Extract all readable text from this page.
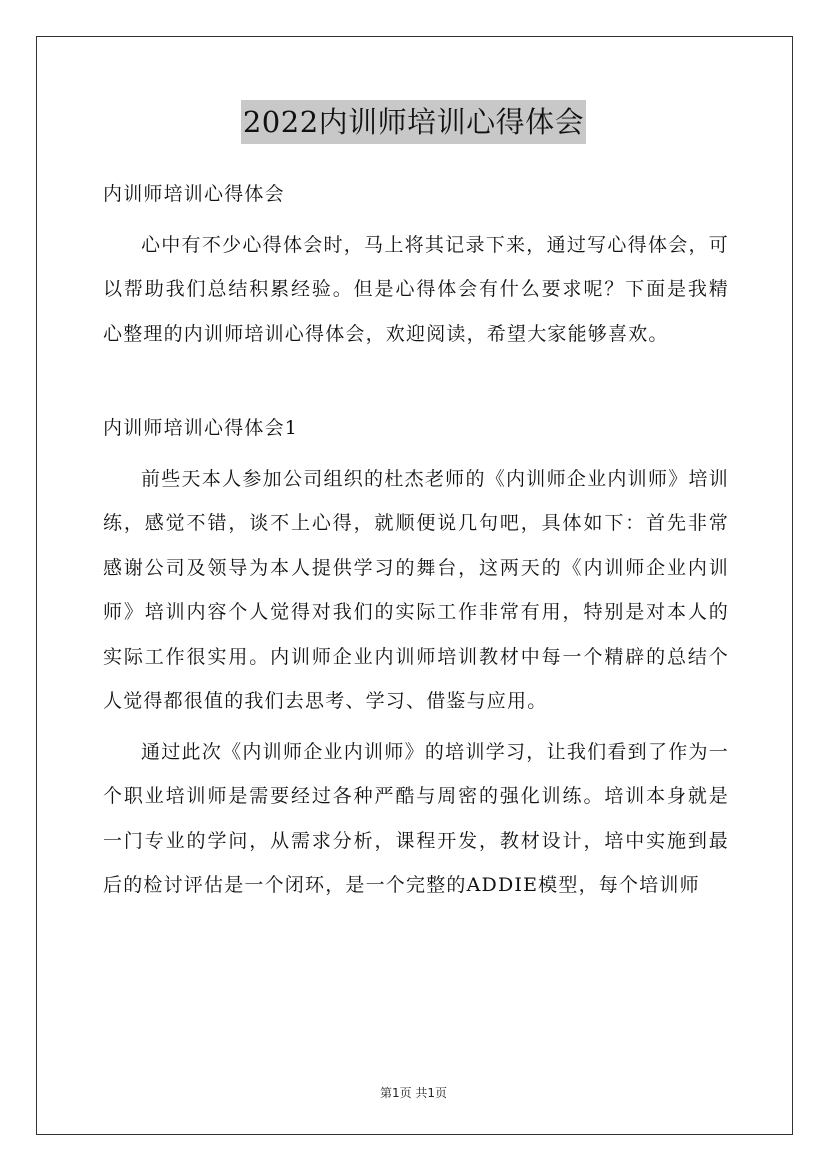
2022内训师培训心得体会

内训师培训心得体会

心中有不少心得体会时，马上将其记录下来，通过写心得体会，可以帮助我们总结积累经验。但是心得体会有什么要求呢？下面是我精心整理的内训师培训心得体会，欢迎阅读，希望大家能够喜欢。

内训师培训心得体会1

前些天本人参加公司组织的杜杰老师的《内训师企业内训师》培训练，感觉不错，谈不上心得，就顺便说几句吧，具体如下：首先非常感谢公司及领导为本人提供学习的舞台，这两天的《内训师企业内训师》培训内容个人觉得对我们的实际工作非常有用，特别是对本人的实际工作很实用。内训师企业内训师培训教材中每一个精辟的总结个人觉得都很值的我们去思考、学习、借鉴与应用。

通过此次《内训师企业内训师》的培训学习，让我们看到了作为一个职业培训师是需要经过各种严酷与周密的强化训练。培训本身就是一门专业的学问，从需求分析，课程开发，教材设计，培中实施到最后的检讨评估是一个闭环，是一个完整的ADDIE模型，每个培训师

第1页 共1页
